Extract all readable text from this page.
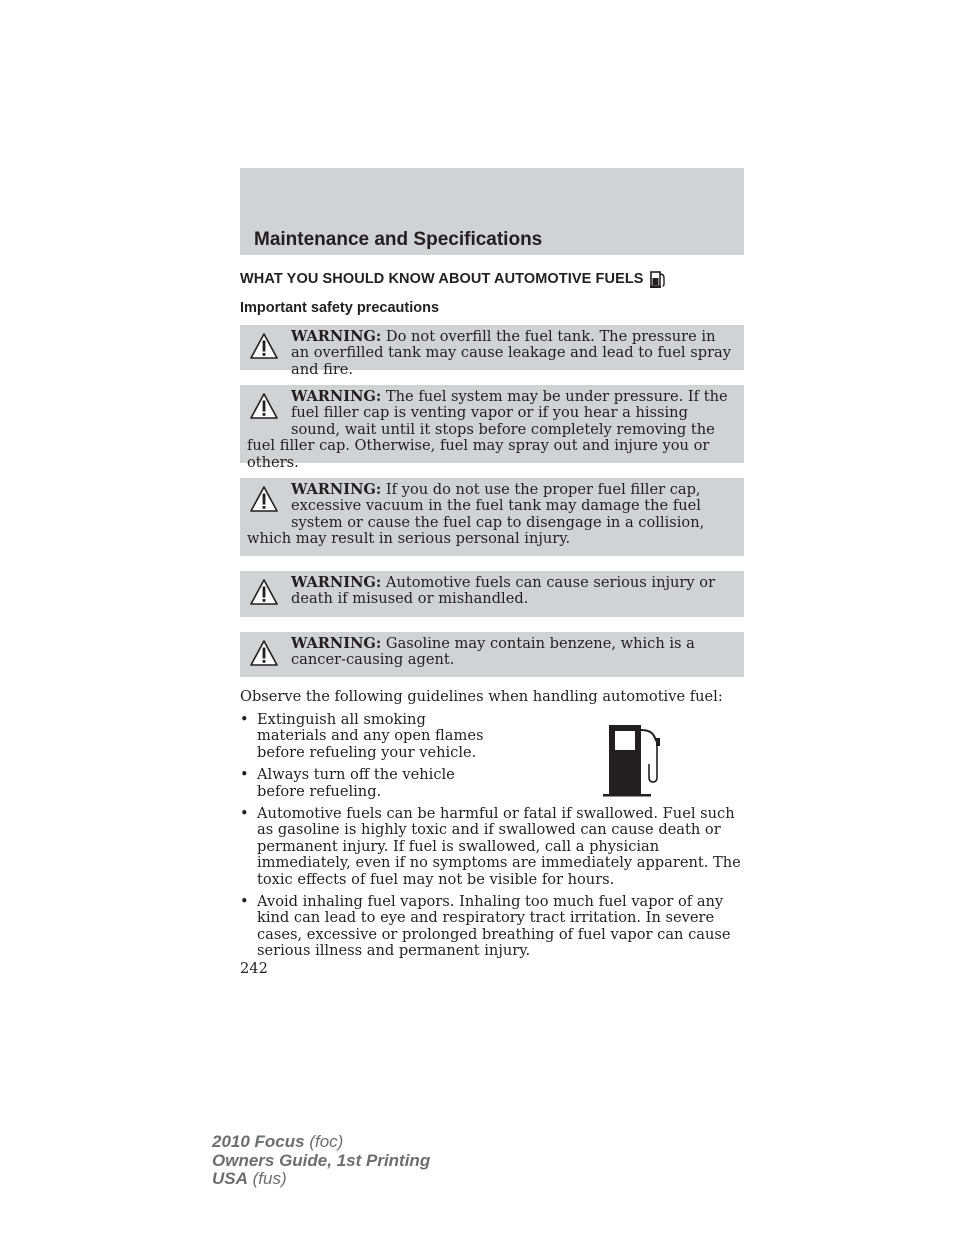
Maintenance and Specifications
WHAT YOU SHOULD KNOW ABOUT AUTOMOTIVE FUELS
Important safety precautions
WARNING: Do not overfill the fuel tank. The pressure in an overfilled tank may cause leakage and lead to fuel spray and fire.
WARNING: The fuel system may be under pressure. If the fuel filler cap is venting vapor or if you hear a hissing sound, wait until it stops before completely removing the fuel filler cap. Otherwise, fuel may spray out and injure you or others.
WARNING: If you do not use the proper fuel filler cap, excessive vacuum in the fuel tank may damage the fuel system or cause the fuel cap to disengage in a collision, which may result in serious personal injury.
WARNING: Automotive fuels can cause serious injury or death if misused or mishandled.
WARNING: Gasoline may contain benzene, which is a cancer-causing agent.

Observe the following guidelines when handling automotive fuel:

• Extinguish all smoking materials and any open flames before refueling your vehicle.
• Always turn off the vehicle before refueling.
• Automotive fuels can be harmful or fatal if swallowed. Fuel such as gasoline is highly toxic and if swallowed can cause death or permanent injury. If fuel is swallowed, call a physician immediately, even if no symptoms are immediately apparent. The toxic effects of fuel may not be visible for hours.
• Avoid inhaling fuel vapors. Inhaling too much fuel vapor of any kind can lead to eye and respiratory tract irritation. In severe cases, excessive or prolonged breathing of fuel vapor can cause serious illness and permanent injury.

242

2010 Focus (foc)
Owners Guide, 1st Printing
USA (fus)
